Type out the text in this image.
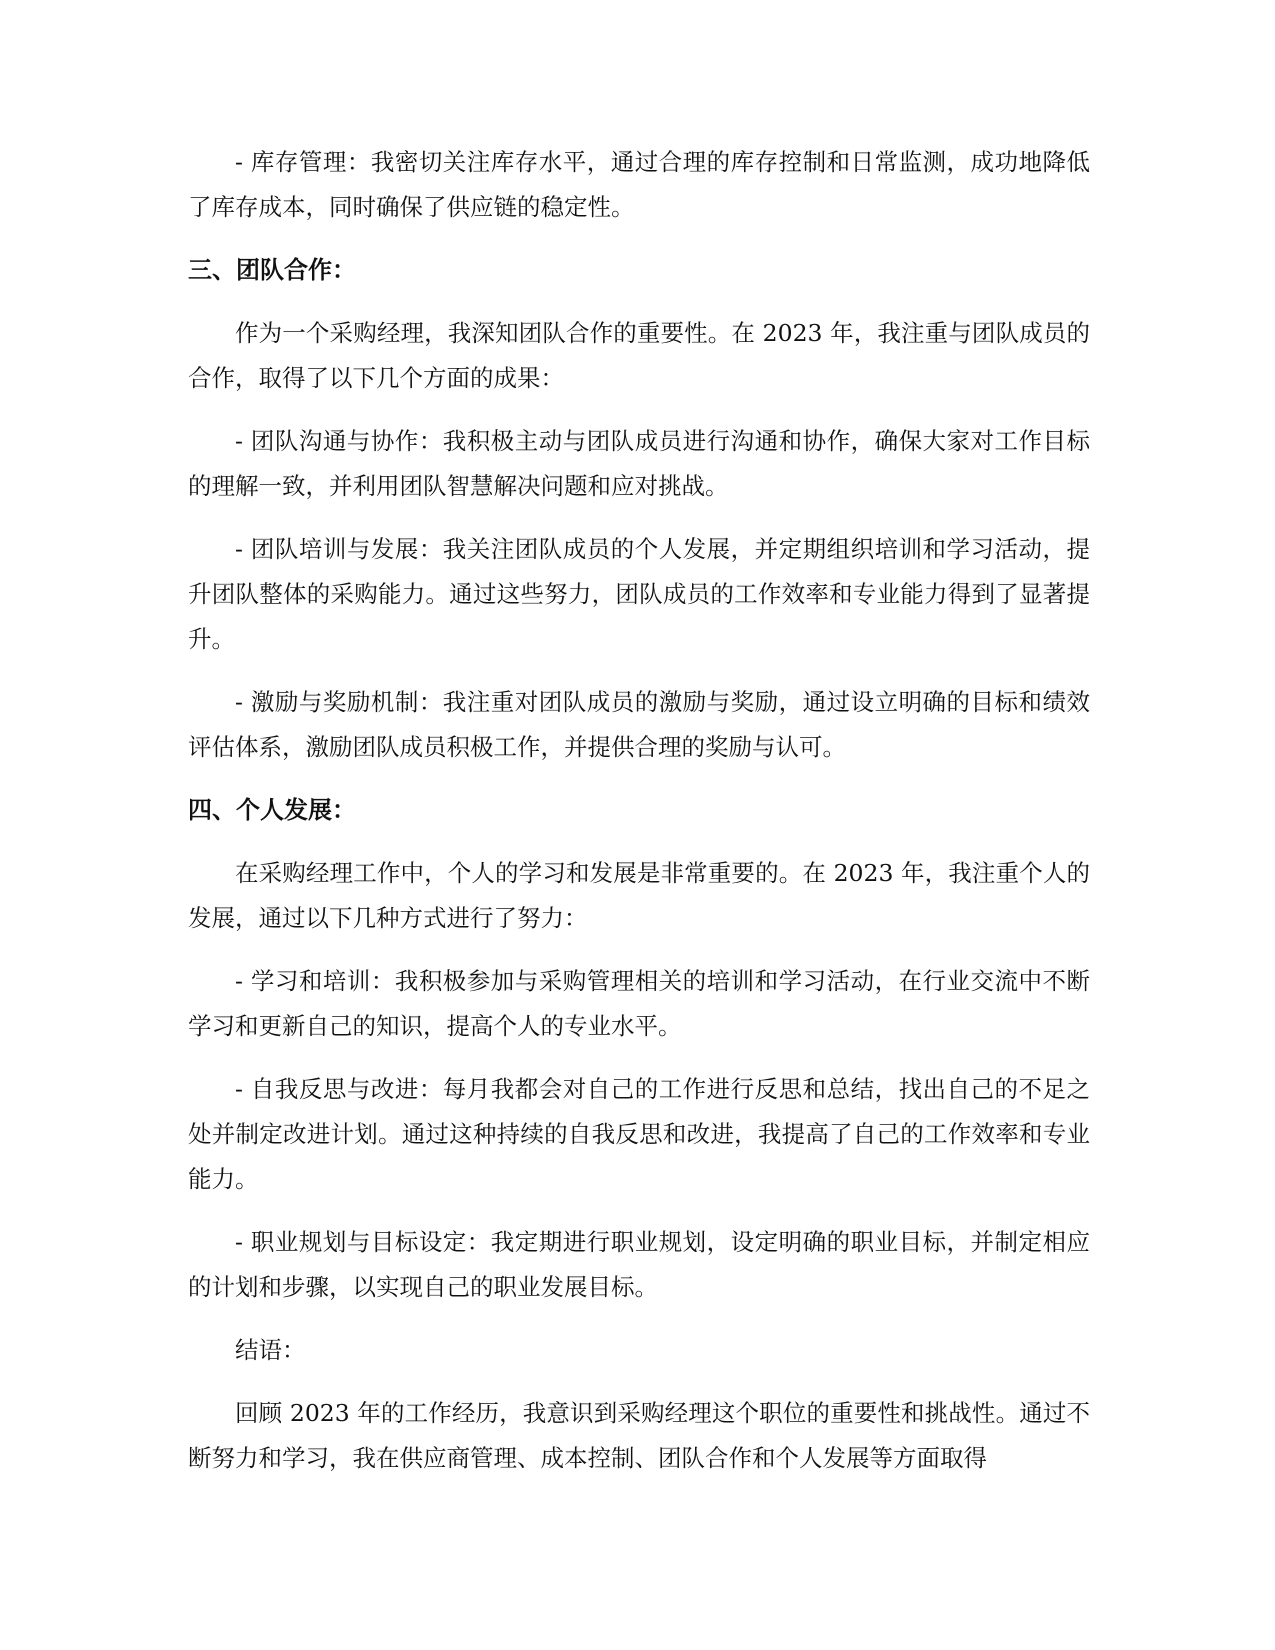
- 库存管理：我密切关注库存水平，通过合理的库存控制和日常监测，成功地降低了库存成本，同时确保了供应链的稳定性。

三、团队合作：

作为一个采购经理，我深知团队合作的重要性。在 2023 年，我注重与团队成员的合作，取得了以下几个方面的成果：

- 团队沟通与协作：我积极主动与团队成员进行沟通和协作，确保大家对工作目标的理解一致，并利用团队智慧解决问题和应对挑战。

- 团队培训与发展：我关注团队成员的个人发展，并定期组织培训和学习活动，提升团队整体的采购能力。通过这些努力，团队成员的工作效率和专业能力得到了显著提升。

- 激励与奖励机制：我注重对团队成员的激励与奖励，通过设立明确的目标和绩效评估体系，激励团队成员积极工作，并提供合理的奖励与认可。

四、个人发展：

在采购经理工作中，个人的学习和发展是非常重要的。在 2023 年，我注重个人的发展，通过以下几种方式进行了努力：

- 学习和培训：我积极参加与采购管理相关的培训和学习活动，在行业交流中不断学习和更新自己的知识，提高个人的专业水平。

- 自我反思与改进：每月我都会对自己的工作进行反思和总结，找出自己的不足之处并制定改进计划。通过这种持续的自我反思和改进，我提高了自己的工作效率和专业能力。

- 职业规划与目标设定：我定期进行职业规划，设定明确的职业目标，并制定相应的计划和步骤，以实现自己的职业发展目标。

结语：

回顾 2023 年的工作经历，我意识到采购经理这个职位的重要性和挑战性。通过不断努力和学习，我在供应商管理、成本控制、团队合作和个人发展等方面取得
